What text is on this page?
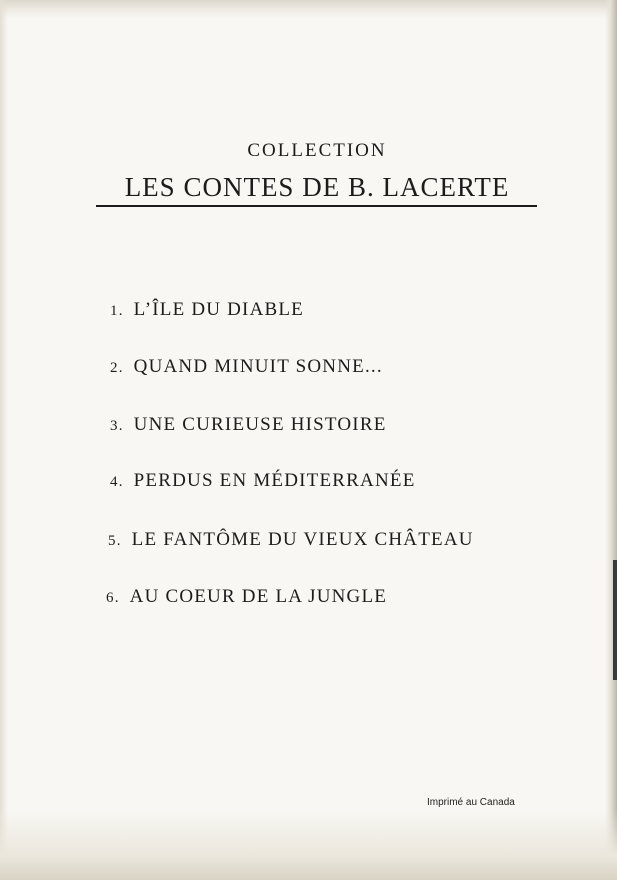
COLLECTION
LES CONTES DE B. LACERTE
1. L’ÎLE DU DIABLE
2. QUAND MINUIT SONNE...
3. UNE CURIEUSE HISTOIRE
4. PERDUS EN MÉDITERRANÉE
5. LE FANTÔME DU VIEUX CHÂTEAU
6. AU COEUR DE LA JUNGLE
Imprimé au Canada
